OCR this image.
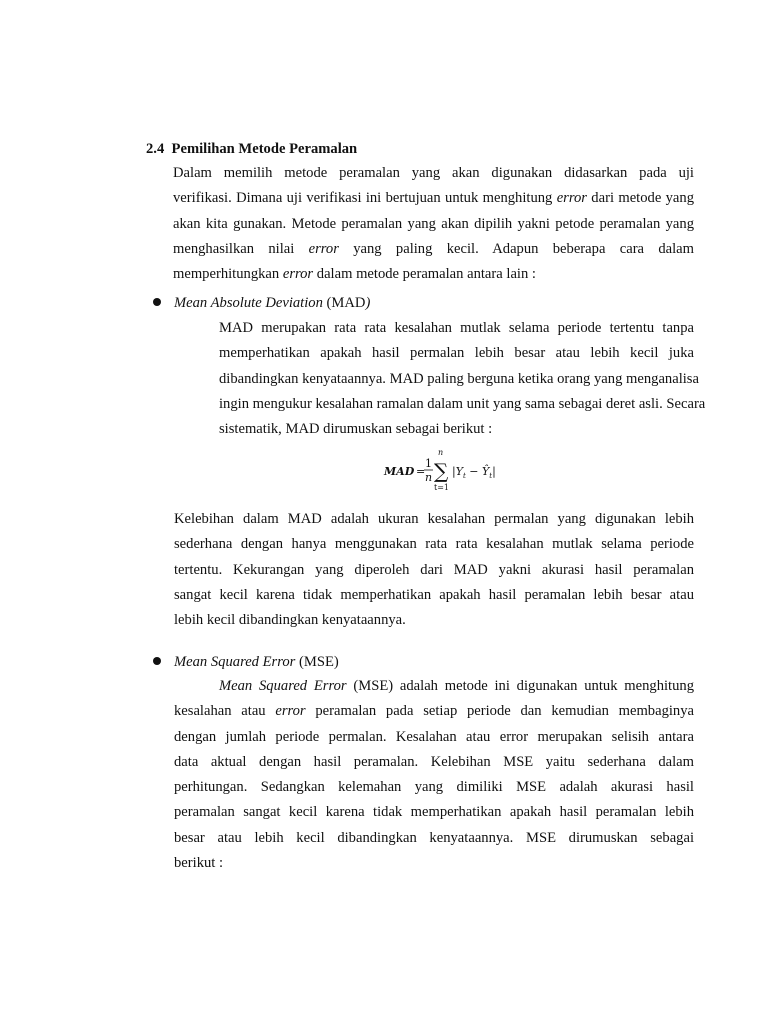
2.4 Pemilihan Metode Peramalan

Dalam memilih metode peramalan yang akan digunakan didasarkan pada uji
verifikasi. Dimana uji verifikasi ini bertujuan untuk menghitung error dari metode yang
akan kita gunakan. Metode peramalan yang akan dipilih yakni petode peramalan yang
menghasilkan nilai error yang paling kecil. Adapun beberapa cara dalam
memperhitungkan error dalam metode peramalan antara lain :

Mean Absolute Deviation (MAD)

MAD merupakan rata rata kesalahan mutlak selama periode tertentu tanpa
memperhatikan apakah hasil permalan lebih besar atau lebih kecil juka
dibandingkan kenyataannya. MAD paling berguna ketika orang yang menganalisa
ingin mengukur kesalahan ramalan dalam unit yang sama sebagai deret asli. Secara
sistematik, MAD dirumuskan sebagai berikut :
MAD =
1
n
n
∑
t=1
$|Y_t$ − $Ŷ_t|$
Kelebihan dalam MAD adalah ukuran kesalahan permalan yang digunakan lebih
sederhana dengan hanya menggunakan rata rata kesalahan mutlak selama periode
tertentu. Kekurangan yang diperoleh dari MAD yakni akurasi hasil peramalan
sangat kecil karena tidak memperhatikan apakah hasil peramalan lebih besar atau
lebih kecil dibandingkan kenyataannya.

Mean Squared Error (MSE)

Mean Squared Error (MSE) adalah metode ini digunakan untuk menghitung
kesalahan atau error peramalan pada setiap periode dan kemudian membaginya
dengan jumlah periode permalan. Kesalahan atau error merupakan selisih antara
data aktual dengan hasil peramalan. Kelebihan MSE yaitu sederhana dalam
perhitungan. Sedangkan kelemahan yang dimiliki MSE adalah akurasi hasil
peramalan sangat kecil karena tidak memperhatikan apakah hasil peramalan lebih
besar atau lebih kecil dibandingkan kenyataannya. MSE dirumuskan sebagai
berikut :
